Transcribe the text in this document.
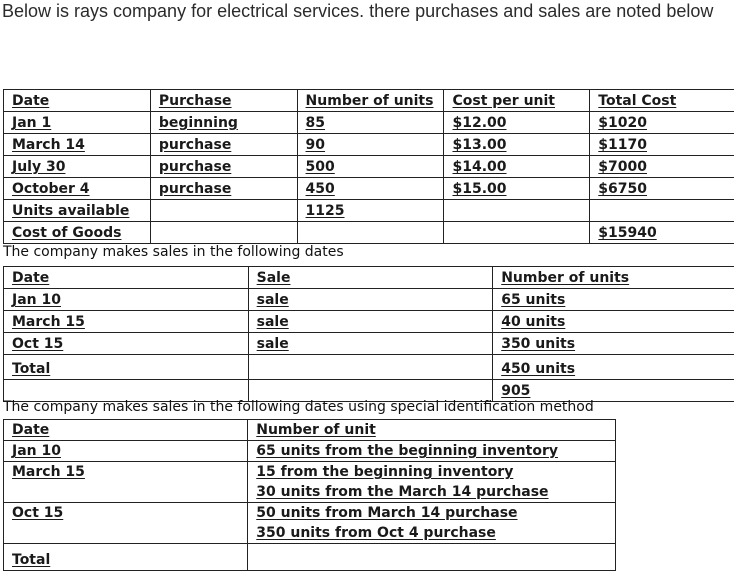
Below is rays company for electrical services. there purchases and sales are noted below
Date	Purchase	Number of units	Cost per unit	Total Cost
Jan 1	beginning	85	$12.00	$1020
March 14	purchase	90	$13.00	$1170
July 30	purchase	500	$14.00	$7000
October 4	purchase	450	$15.00	$6750
Units available		1125		
Cost of Goods				$15940
The company makes sales in the following dates
Date	Sale	Number of units
Jan 10	sale	65 units
March 15	sale	40 units
Oct 15	sale	350 units
Total		450 units
		905
The company makes sales in the following dates using special identification method
Date	Number of unit
Jan 10	65 units from the beginning inventory
March 15	15 from the beginning inventory
	30 units from the March 14 purchase
Oct 15	50 units from March 14 purchase
	350 units from Oct 4 purchase
Total	
